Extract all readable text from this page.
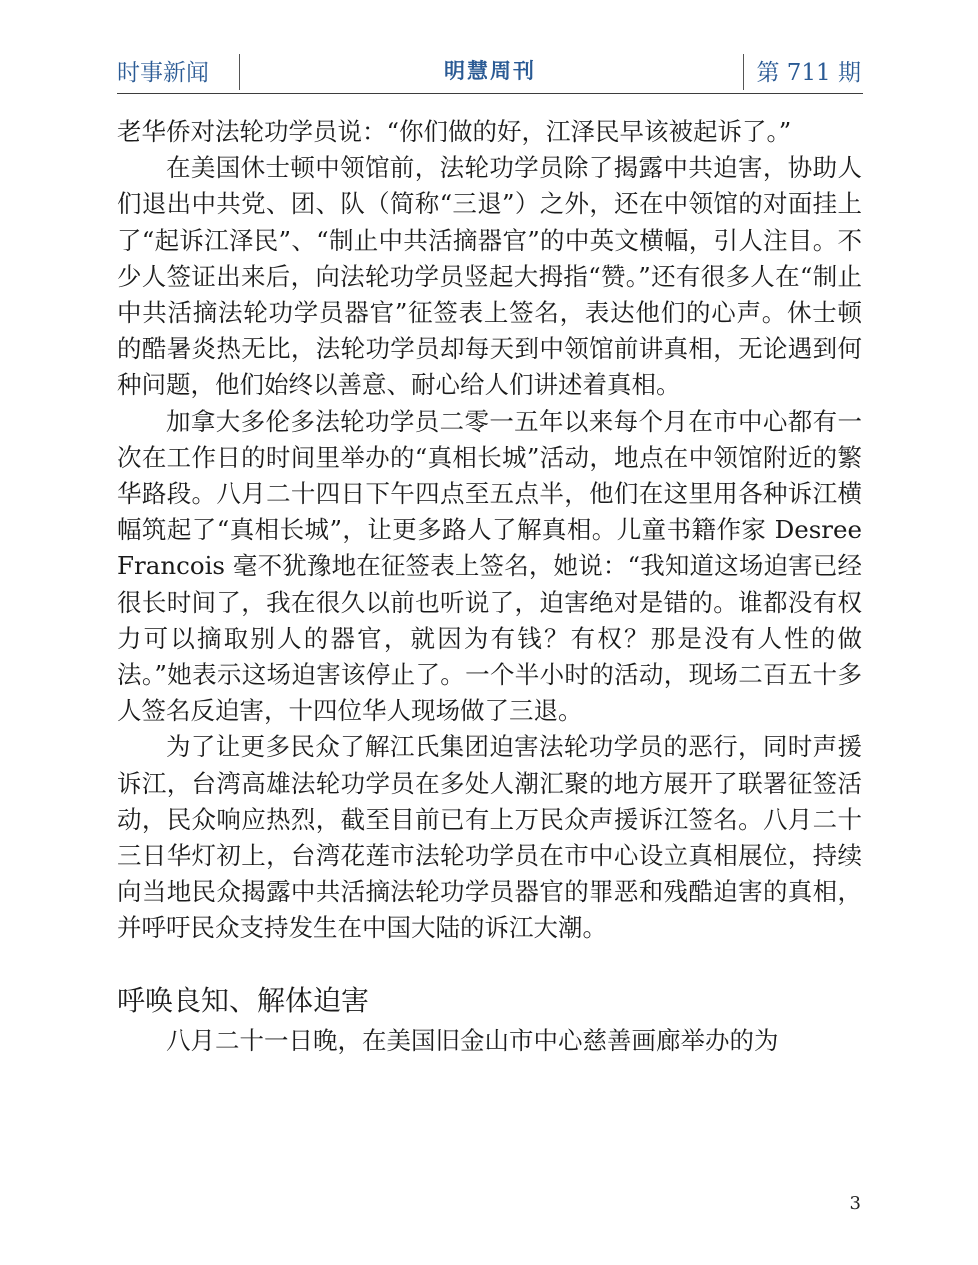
时事新闻	明慧周刊	第 711 期

老华侨对法轮功学员说：“你们做的好，江泽民早该被起诉了。”

在美国休士顿中领馆前，法轮功学员除了揭露中共迫害，协助人们退出中共党、团、队（简称“三退”）之外，还在中领馆的对面挂上了“起诉江泽民”、“制止中共活摘器官”的中英文横幅，引人注目。不少人签证出来后，向法轮功学员竖起大拇指“赞。”还有很多人在“制止中共活摘法轮功学员器官”征签表上签名，表达他们的心声。休士顿的酷暑炎热无比，法轮功学员却每天到中领馆前讲真相，无论遇到何种问题，他们始终以善意、耐心给人们讲述着真相。

加拿大多伦多法轮功学员二零一五年以来每个月在市中心都有一次在工作日的时间里举办的“真相长城”活动，地点在中领馆附近的繁华路段。八月二十四日下午四点至五点半，他们在这里用各种诉江横幅筑起了“真相长城”，让更多路人了解真相。儿童书籍作家 Desree Francois 毫不犹豫地在征签表上签名，她说：“我知道这场迫害已经很长时间了，我在很久以前也听说了，迫害绝对是错的。谁都没有权力可以摘取别人的器官，就因为有钱？有权？那是没有人性的做法。”她表示这场迫害该停止了。一个半小时的活动，现场二百五十多人签名反迫害，十四位华人现场做了三退。

为了让更多民众了解江氏集团迫害法轮功学员的恶行，同时声援诉江，台湾高雄法轮功学员在多处人潮汇聚的地方展开了联署征签活动，民众响应热烈，截至目前已有上万民众声援诉江签名。八月二十三日华灯初上，台湾花莲市法轮功学员在市中心设立真相展位，持续向当地民众揭露中共活摘法轮功学员器官的罪恶和残酷迫害的真相，并呼吁民众支持发生在中国大陆的诉江大潮。

呼唤良知、解体迫害

八月二十一日晚，在美国旧金山市中心慈善画廊举办的为

3
